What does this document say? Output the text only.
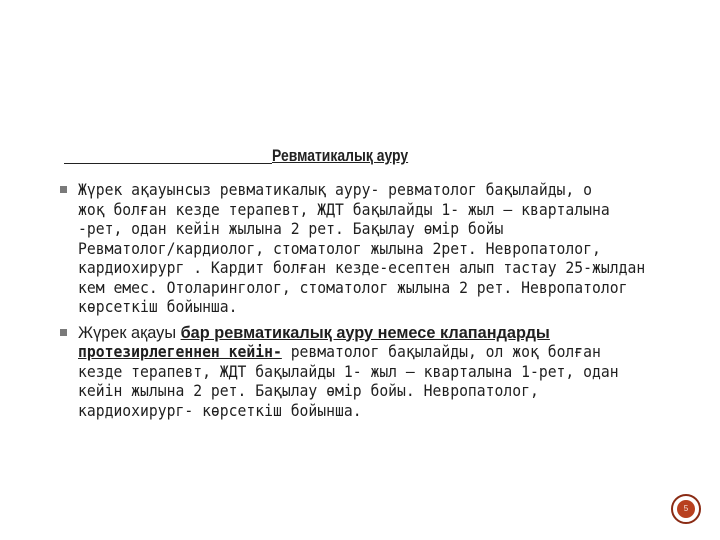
Ревматикалық ауру
Жүрек ақауынсыз ревматикалық ауру- ревматолог бақылайды, о
жоқ болған кезде терапевт, ЖДТ бақылайды 1- жыл – кварталына
-рет, одан кейін жылына 2 рет. Бақылау өмір бойы
Ревматолог/кардиолог, стоматолог жылына 2рет. Невропатолог,
кардиохирург . Кардит болған кезде-есептен алып тастау 25-жылдан
кем емес. Отоларинголог, стоматолог жылына 2 рет. Невропатолог
көрсеткіш бойынша.
Жүрек ақауы бар ревматикалық ауру немесе клапандарды
протезирлегеннен кейін- ревматолог бақылайды, ол жоқ болған
кезде терапевт, ЖДТ бақылайды 1- жыл – кварталына 1-рет, одан
кейін жылына 2 рет. Бақылау өмір бойы. Невропатолог,
кардиохирург- көрсеткіш бойынша.
5
